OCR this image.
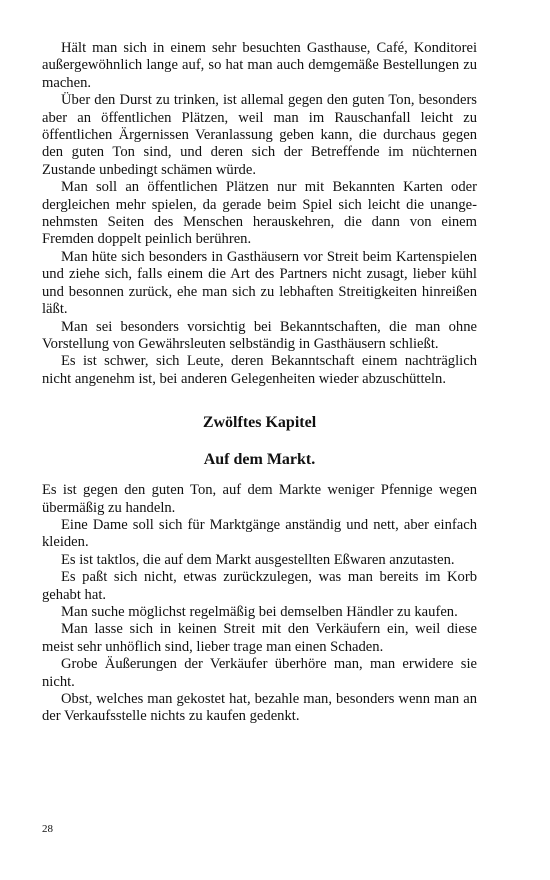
Hält man sich in einem sehr besuchten Gasthause, Café, Konditorei außergewöhnlich lange auf, so hat man auch demgemäße Bestellungen zu machen.

Über den Durst zu trinken, ist allemal gegen den guten Ton, besonders aber an öffentlichen Plätzen, weil man im Rauschanfall leicht zu öffentlichen Ärgernissen Veranlassung geben kann, die durchaus gegen den guten Ton sind, und deren sich der Betreffende im nüchternen Zustande unbedingt schämen würde.

Man soll an öffentlichen Plätzen nur mit Bekannten Karten oder dergleichen mehr spielen, da gerade beim Spiel sich leicht die unangenehmsten Seiten des Menschen herauskehren, die dann von einem Fremden doppelt peinlich berühren.

Man hüte sich besonders in Gasthäusern vor Streit beim Kartenspielen und ziehe sich, falls einem die Art des Partners nicht zusagt, lieber kühl und besonnen zurück, ehe man sich zu lebhaften Streitigkeiten hinreißen läßt.

Man sei besonders vorsichtig bei Bekanntschaften, die man ohne Vorstellung von Gewährsleuten selbständig in Gasthäusern schließt.

Es ist schwer, sich Leute, deren Bekanntschaft einem nachträglich nicht angenehm ist, bei anderen Gelegenheiten wieder abzuschütteln.

Zwölftes Kapitel
Auf dem Markt.

Es ist gegen den guten Ton, auf dem Markte weniger Pfennige wegen übermäßig zu handeln.

Eine Dame soll sich für Marktgänge anständig und nett, aber einfach kleiden.

Es ist taktlos, die auf dem Markt ausgestellten Eßwaren anzutasten.

Es paßt sich nicht, etwas zurückzulegen, was man bereits im Korb gehabt hat.

Man suche möglichst regelmäßig bei demselben Händler zu kaufen.

Man lasse sich in keinen Streit mit den Verkäufern ein, weil diese meist sehr unhöflich sind, lieber trage man einen Schaden.

Grobe Äußerungen der Verkäufer überhöre man, man erwidere sie nicht.

Obst, welches man gekostet hat, bezahle man, besonders wenn man an der Verkaufsstelle nichts zu kaufen gedenkt.

28
